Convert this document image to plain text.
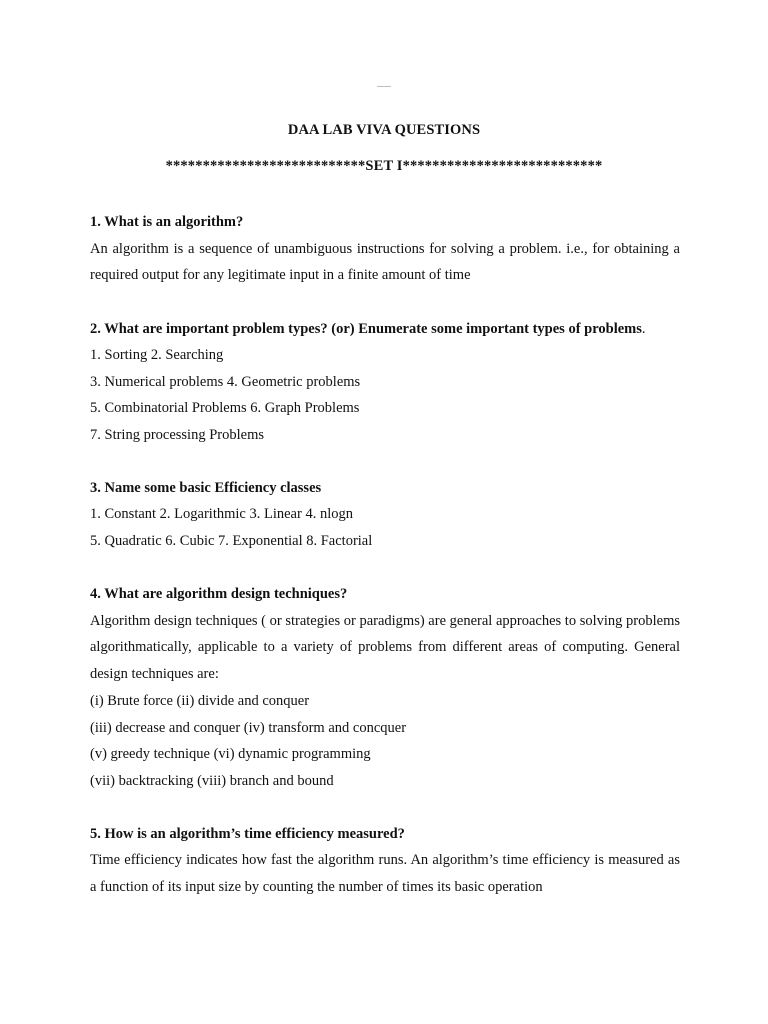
DAA LAB VIVA QUESTIONS
***************************SET I***************************
1. What is an algorithm?
An algorithm is a sequence of unambiguous instructions for solving a problem. i.e., for obtaining a required output for any legitimate input in a finite amount of time
2. What are important problem types? (or) Enumerate some important types of problems.
1. Sorting 2. Searching
3. Numerical problems 4. Geometric problems
5. Combinatorial Problems 6. Graph Problems
7. String processing Problems
3. Name some basic Efficiency classes
1. Constant 2. Logarithmic 3. Linear 4. nlogn
5. Quadratic 6. Cubic 7. Exponential 8. Factorial
4. What are algorithm design techniques?
Algorithm design techniques ( or strategies or paradigms) are general approaches to solving problems algorithmatically, applicable to a variety of problems from different areas of computing. General design techniques are:
(i) Brute force (ii) divide and conquer
(iii) decrease and conquer (iv) transform and concquer
(v) greedy technique (vi) dynamic programming
(vii) backtracking (viii) branch and bound
5. How is an algorithm’s time efficiency measured?
Time efficiency indicates how fast the algorithm runs. An algorithm’s time efficiency is measured as a function of its input size by counting the number of times its basic operation
